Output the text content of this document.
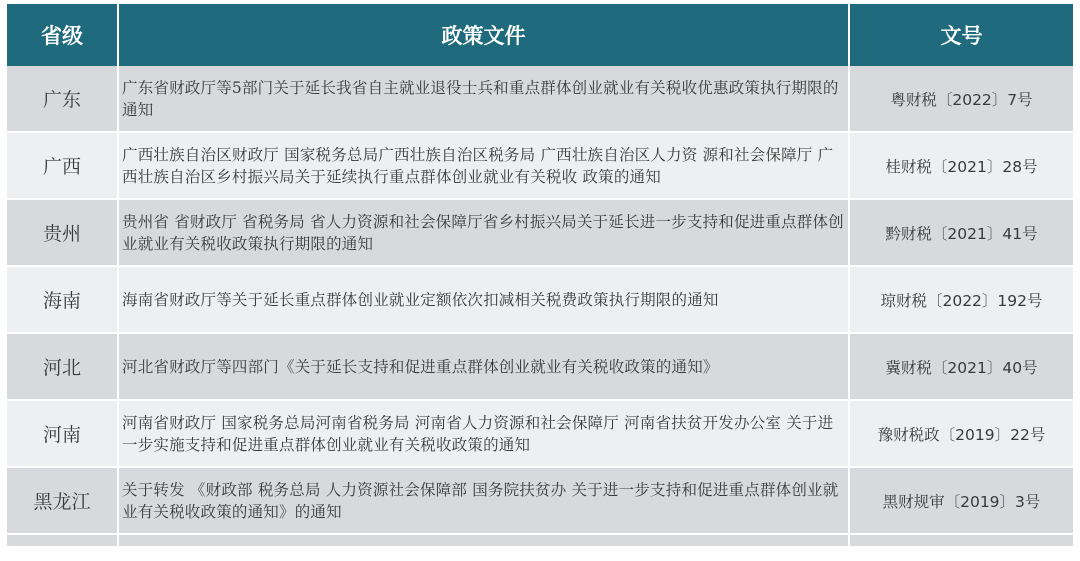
省级	政策文件	文号
广东	广东省财政厅等5部门关于延长我省自主就业退役士兵和重点群体创业就业有关税收优惠政策执行期限的通知	粤财税〔2022〕7号
广西	广西壮族自治区财政厅 国家税务总局广西壮族自治区税务局 广西壮族自治区人力资 源和社会保障厅 广西壮族自治区乡村振兴局关于延续执行重点群体创业就业有关税收 政策的通知	桂财税〔2021〕28号
贵州	贵州省 省财政厅 省税务局 省人力资源和社会保障厅省乡村振兴局关于延长进一步支持和促进重点群体创业就业有关税收政策执行期限的通知	黔财税〔2021〕41号
海南	海南省财政厅等关于延长重点群体创业就业定额依次扣减相关税费政策执行期限的通知	琼财税〔2022〕192号
河北	河北省财政厅等四部门《关于延长支持和促进重点群体创业就业有关税收政策的通知》	冀财税〔2021〕40号
河南	河南省财政厅 国家税务总局河南省税务局 河南省人力资源和社会保障厅 河南省扶贫开发办公室 关于进一步实施支持和促进重点群体创业就业有关税收政策的通知	豫财税政〔2019〕22号
黑龙江	关于转发 《财政部 税务总局 人力资源社会保障部 国务院扶贫办 关于进一步支持和促进重点群体创业就业有关税收政策的通知》的通知	黑财规审〔2019〕3号
